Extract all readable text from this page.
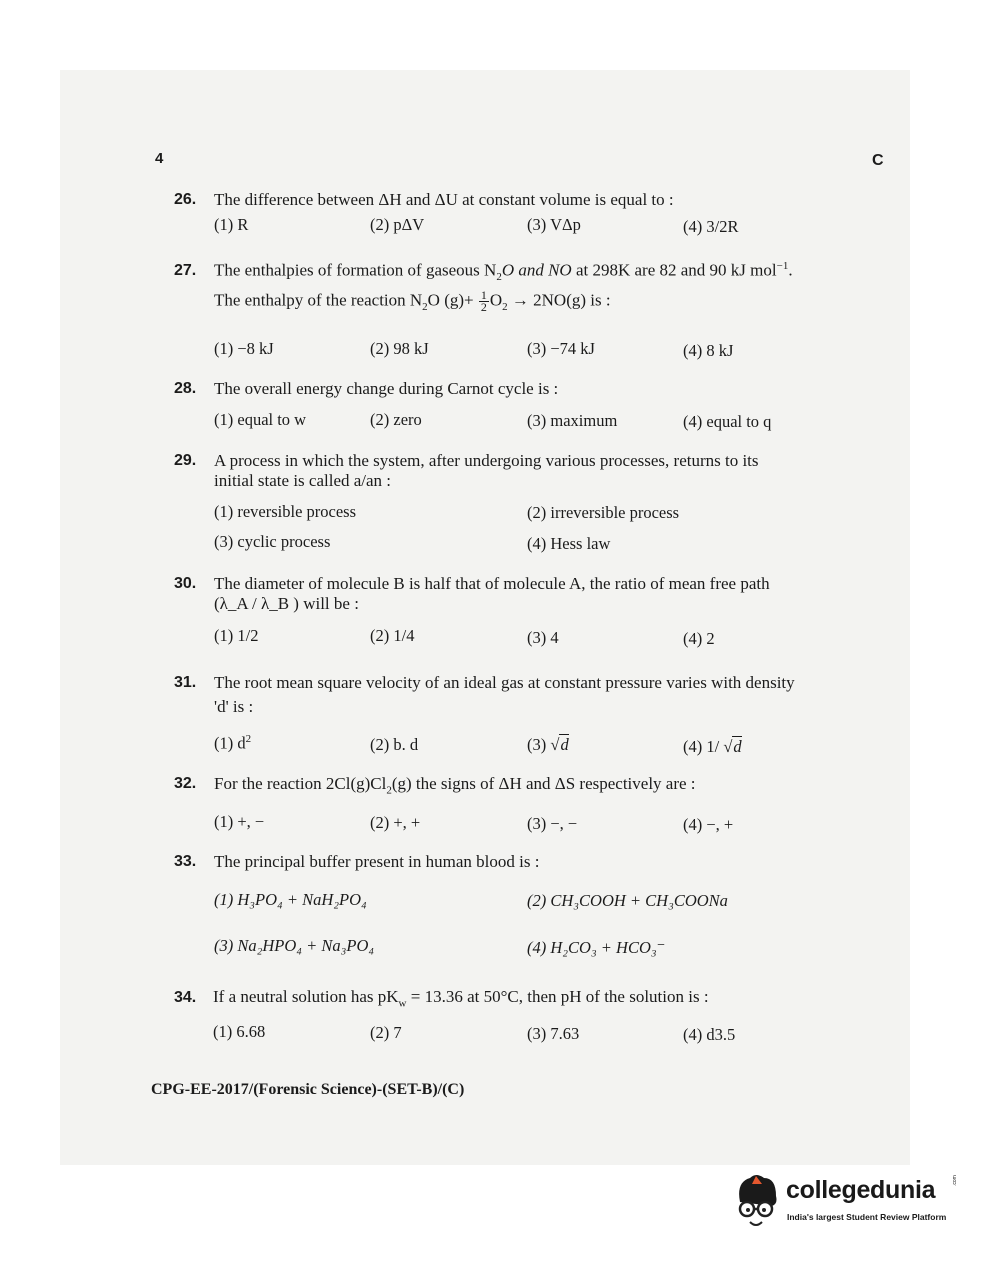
4	C
26. The difference between ΔH and ΔU at constant volume is equal to :
(1) R	(2) pΔV	(3) VΔp	(4) 3/2R
27. The enthalpies of formation of gaseous $N_2O$ and NO at 298K are 82 and 90 kJ mol$^{-1}$.
The enthalpy of the reaction $N_2O$ $(g)+ \frac{1}{2} O_2 \to 2NO(g)$ is :
(1) −8 kJ	(2) 98 kJ	(3) −74 kJ	(4) 8 kJ
28. The overall energy change during Carnot cycle is :
(1) equal to w	(2) zero	(3) maximum	(4) equal to q
29. A process in which the system, after undergoing various processes, returns to its
initial state is called a/an :
(1) reversible process	(2) irreversible process
(3) cyclic process	(4) Hess law
30. The diameter of molecule B is half that of molecule A, the ratio of mean free path
(λ_A / λ_B ) will be :
(1) 1/2	(2) 1/4	(3) 4	(4) 2
31. The root mean square velocity of an ideal gas at constant pressure varies with density
'd' is :
(1) $d^2$	(2) b. d	(3) √d	(4) 1/ √d
32. For the reaction $2Cl(g)Cl_2(g)$ the signs of ΔH and ΔS respectively are :
(1) +, −	(2) +, +	(3) −, −	(4) −, +
33. The principal buffer present in human blood is :
(1) H₃PO₄ + NaH₂PO₄	(2) CH₃COOH + CH₃COONa
(3) Na₂HPO₄ + Na₃PO₄	(4) H₂CO₃ + HCO₃⁻
34. If a neutral solution has $pK_w = 13.36$ at 50°C, then pH of the solution is :
(1) 6.68	(2) 7	(3) 7.63	(4) d3.5
CPG-EE-2017/(Forensic Science)-(SET-B)/(C)
collegedunia	.com
India's largest Student Review Platform
